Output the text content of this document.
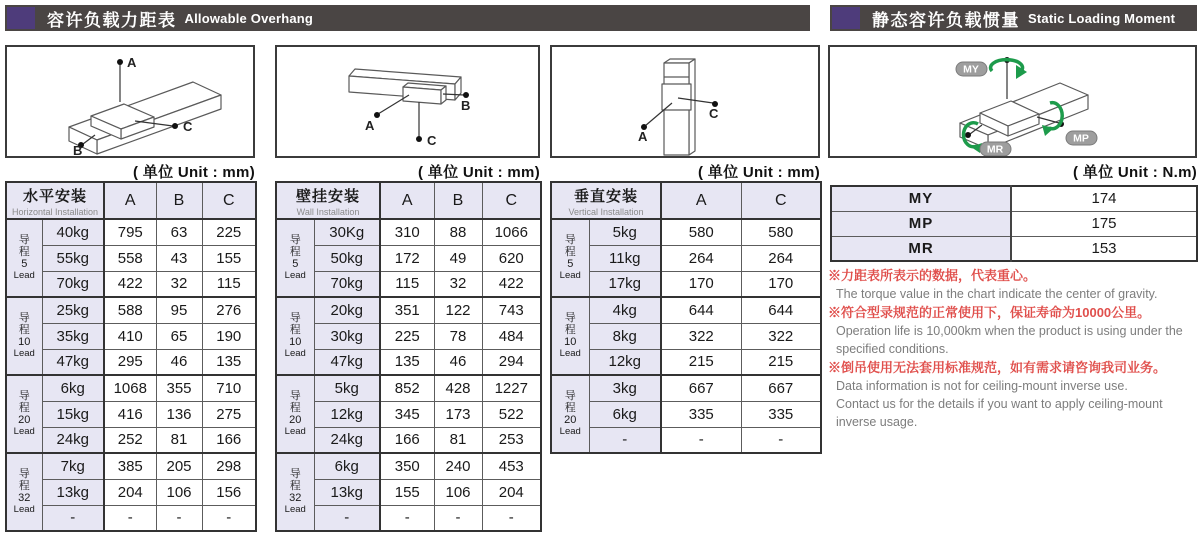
容许负载力距表 Allowable Overhang	静态容许负载惯量 Static Loading Moment
A
B
C	A
B
C	A
C
MY
MP
MR
( 单位 Unit : mm)	( 单位 Unit : mm)	( 单位 Unit : mm)	( 单位 Unit : N.m)
水平安装
Horizontal Installation		A	B	C

导
程
5
Lead	40kg	795	63	225
	55kg	558	43	155
	70kg	422	32	115

导
程
10
Lead	25kg	588	95	276
	35kg	410	65	190
	47kg	295	46	135

导
程
20
Lead	6kg	1068	355	710
	15kg	416	136	275
	24kg	252	81	166

导
程
32
Lead	7kg	385	205	298
	13kg	204	106	156
	-	-	-	-
壁挂安装
Wall Installation		A	B	C

导
程
5
Lead	30Kg	310	88	1066
	50kg	172	49	620
	70kg	115	32	422

导
程
10
Lead	20kg	351	122	743
	30kg	225	78	484
	47kg	135	46	294

导
程
20
Lead	5kg	852	428	1227
	12kg	345	173	522
	24kg	166	81	253

导
程
32
Lead	6kg	350	240	453
	13kg	155	106	204
	-	-	-	-
垂直安装
Vertical Installation		A	C

导
程
5
Lead	5kg	580	580
	11kg	264	264
	17kg	170	170

导
程
10
Lead	4kg	644	644
	8kg	322	322
	12kg	215	215

导
程
20
Lead	3kg	667	667
	6kg	335	335
	-	-	-
MY	174
MP	175
MR	153
※力距表所表示的数据，代表重心。
The torque value in the chart indicate the center of gravity.
※符合型录规范的正常使用下，保证寿命为10000公里。
Operation life is 10,000km when the product is using under the
specified conditions.
※倒吊使用无法套用标准规范，如有需求请咨询我司业务。
Data information is not for ceiling-mount inverse use.
Contact us for the details if you want to apply ceiling-mount
inverse usage.
